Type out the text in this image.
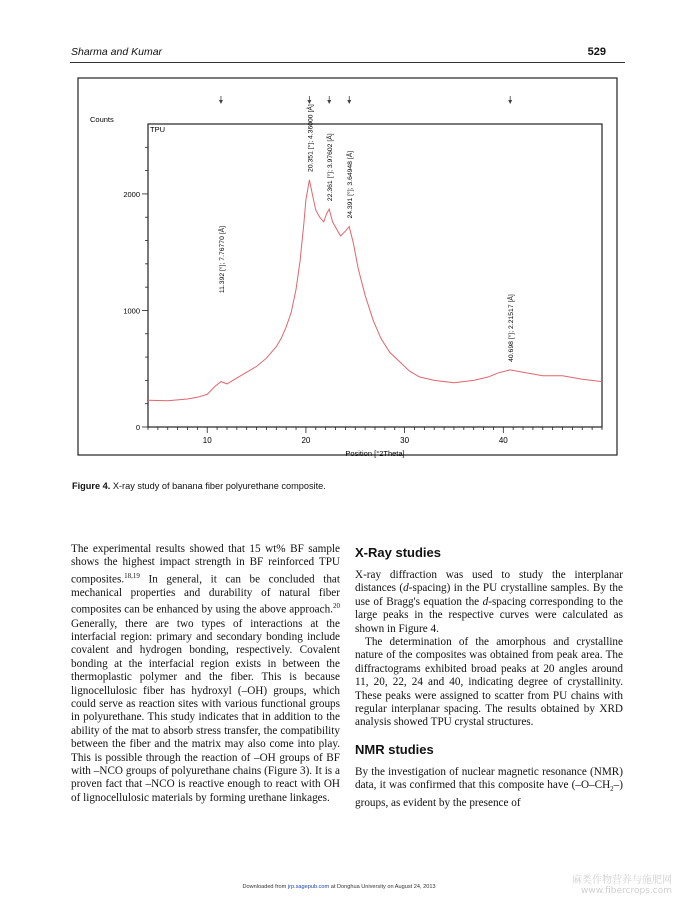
Sharma and Kumar	529
10	20	30	40
0
1000
2000
Counts
Position [°2Theta]
TPU
11.392 [°]; 7.76770 [Å]
20.351 [°]; 4.36000 [Å] 22.361 [°]; 3.97602 [Å] 24.391 [°]; 3.64948 [Å]
40.698 [°]; 2.21517 [Å]
Figure 4. X-ray study of banana fiber polyurethane composite.

The experimental results showed that 15 wt% BF sample shows the highest impact strength in BF reinforced TPU composites.$^{18,19}$ In general, it can be concluded that mechanical properties and durability of natural fiber composites can be enhanced by using the above approach.$^{20}$ Generally, there are two types of interactions at the interfacial region: primary and secondary bonding include covalent and hydrogen bonding, respectively. Covalent bonding at the interfacial region exists in between the thermoplastic polymer and the fiber. This is because lignocellulosic fiber has hydroxyl (–OH) groups, which could serve as reaction sites with various functional groups in polyurethane. This study indicates that in addition to the ability of the mat to absorb stress transfer, the compatibility between the fiber and the matrix may also come into play. This is possible through the reaction of –OH groups of BF with –NCO groups of polyurethane chains (Figure 3). It is a proven fact that –NCO is reactive enough to react with OH of lignocellulosic materials by forming urethane linkages.

X-Ray studies

X-ray diffraction was used to study the interplanar distances (d-spacing) in the PU crystalline samples. By the use of Bragg's equation the d-spacing corresponding to the large peaks in the respective curves were calculated as shown in Figure 4.

The determination of the amorphous and crystalline nature of the composites was obtained from peak area. The diffractograms exhibited broad peaks at 20 angles around 11, 20, 22, 24 and 40, indicating degree of crystallinity. These peaks were assigned to scatter from PU chains with regular interplanar spacing. The results obtained by XRD analysis showed TPU crystal structures.

NMR studies

By the investigation of nuclear magnetic resonance (NMR) data, it was confirmed that this composite have $(-O-CH_2-)$ groups, as evident by the presence of

Downloaded from jrp.sagepub.com at Donghua University on August 24, 2013
麻类作物营养与施肥网
www.fibercrops.com
